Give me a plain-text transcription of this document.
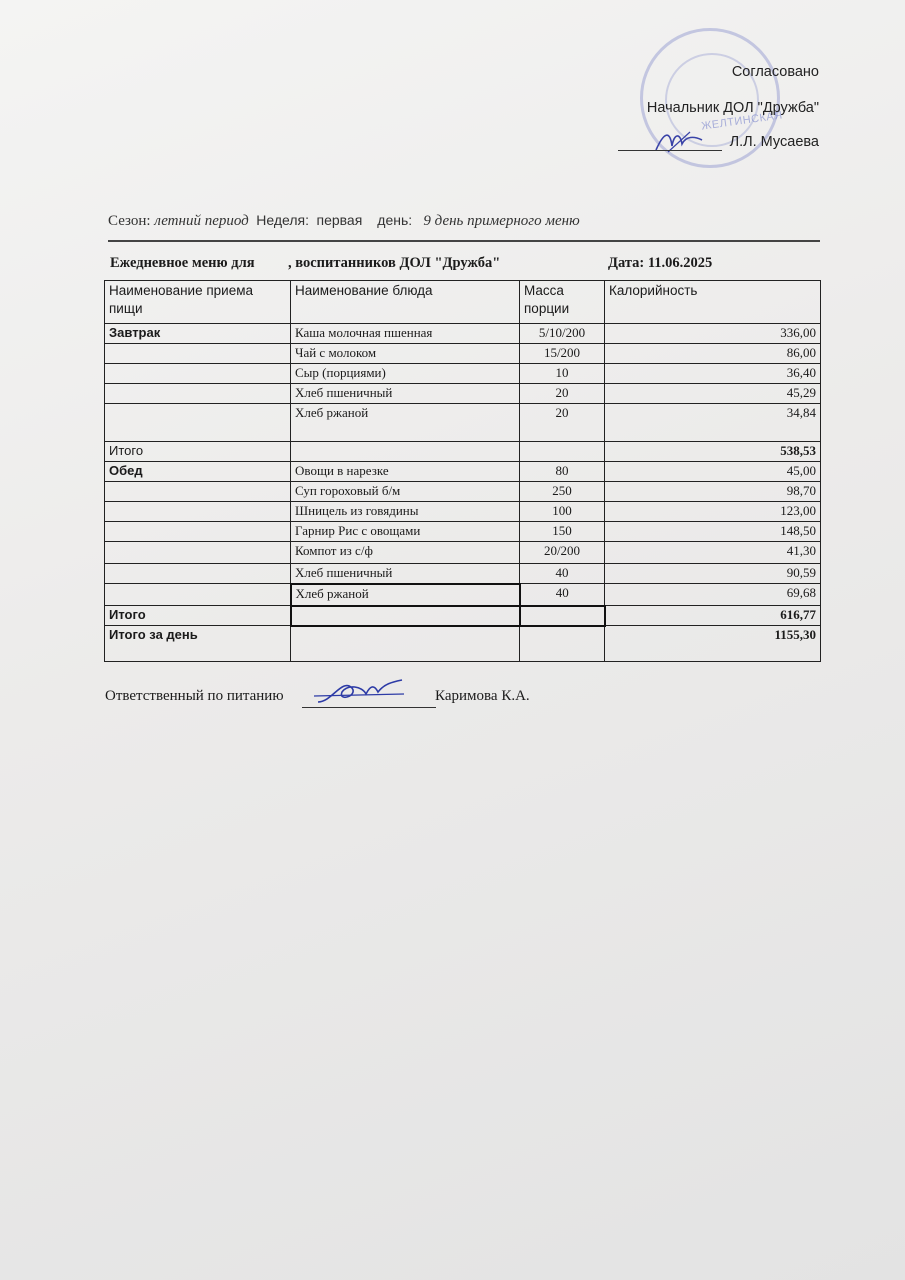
ЖЕЛТИНСКАЯ
Согласовано
Начальник ДОЛ "Дружба"
Л.Л. Мусаева
Сезон: летний период Неделя: первая день: 9 день примерного меню
Ежедневное меню для , воспитанников ДОЛ "Дружба"	Дата: 11.06.2025
Наименование приема пищи	Наименование блюда	Масса порции	Калорийность
Завтрак	Каша молочная пшенная	5/10/200	336,00
	Чай с молоком	15/200	86,00
	Сыр (порциями)	10	36,40
	Хлеб пшеничный	20	45,29
	Хлеб ржаной	20	34,84
Итого			538,53
Обед	Овощи в нарезке	80	45,00
	Суп гороховый б/м	250	98,70
	Шницель из говядины	100	123,00
	Гарнир Рис с овощами	150	148,50
	Компот из с/ф	20/200	41,30
	Хлеб пшеничный	40	90,59
	Хлеб ржаной	40	69,68
Итого			616,77
Итого за день			1155,30
Ответственный по питанию	Каримова К.А.
